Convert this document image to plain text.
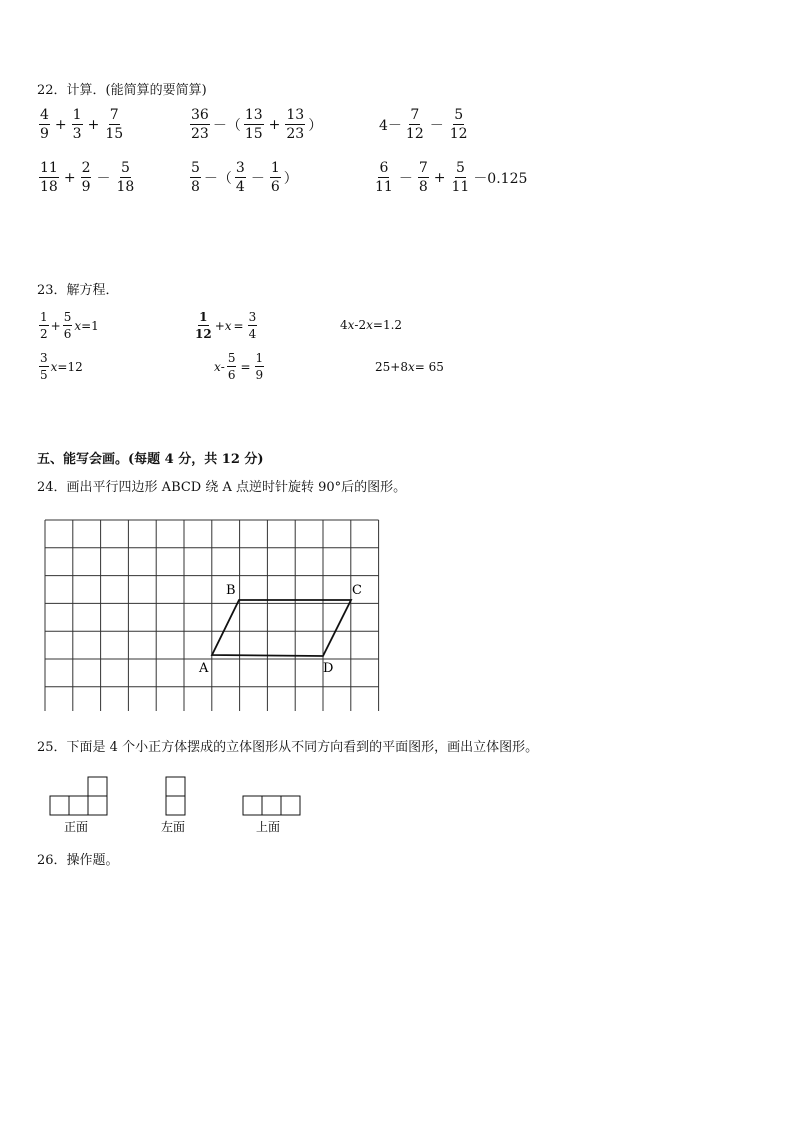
22．计算．(能简算的要简算)
$\frac{4}{9} + \frac{1}{3} + \frac{7}{15}$	$\frac{36}{23}$ －（ $\frac{13}{15} + \frac{13}{23}$ ）	$4- \frac{7}{12} - \frac{5}{12}$
$\frac{11}{18} + \frac{2}{9} - \frac{5}{18}$	$\frac{5}{8}$ －（ $\frac{3}{4} - \frac{1}{6}$ ）	$\frac{6}{11} - \frac{7}{8} + \frac{5}{11} -0.125$
23．解方程．
$\frac{1}{2} + \frac{5}{6}$ x =1	$\frac{1}{12} + x = \frac{3}{4}$	4 x -2 x =1.2
$\frac{3}{5}$ x =12	$x - \frac{5}{6} = \frac{1}{9}$	25+8 x = 65
五、能写会画。(每题 4 分，共 12 分)
24．画出平行四边形 ABCD 绕 A 点逆时针旋转 90°后的图形。
A
B	C
D
25．下面是 4 个小正方体摆成的立体图形从不同方向看到的平面图形，画出立体图形。
正面	左面	上面
26．操作题。
